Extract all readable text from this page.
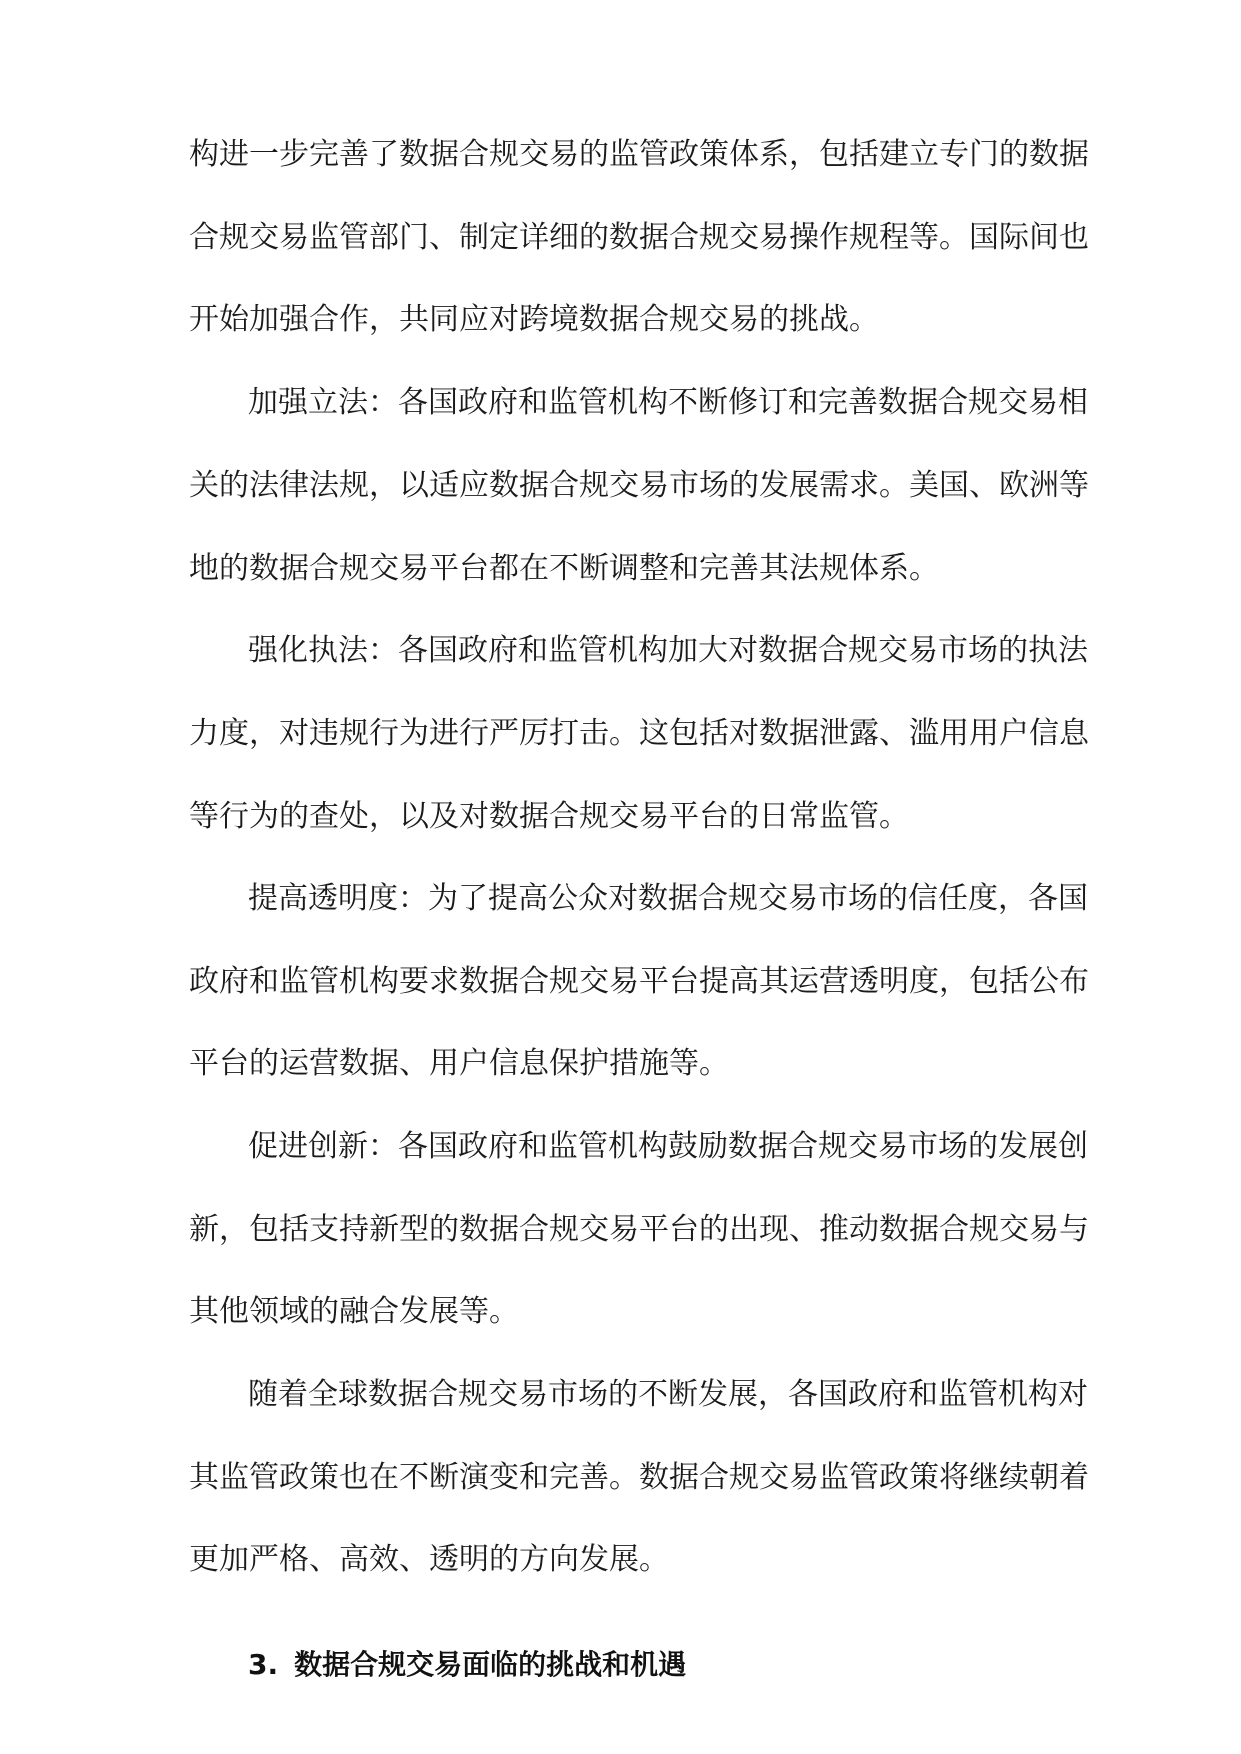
构进一步完善了数据合规交易的监管政策体系，包括建立专门的数据
合规交易监管部门、制定详细的数据合规交易操作规程等。国际间也
开始加强合作，共同应对跨境数据合规交易的挑战。
加强立法：各国政府和监管机构不断修订和完善数据合规交易相
关的法律法规，以适应数据合规交易市场的发展需求。美国、欧洲等
地的数据合规交易平台都在不断调整和完善其法规体系。
强化执法：各国政府和监管机构加大对数据合规交易市场的执法
力度，对违规行为进行严厉打击。这包括对数据泄露、滥用用户信息
等行为的查处，以及对数据合规交易平台的日常监管。
提高透明度：为了提高公众对数据合规交易市场的信任度，各国
政府和监管机构要求数据合规交易平台提高其运营透明度，包括公布
平台的运营数据、用户信息保护措施等。
促进创新：各国政府和监管机构鼓励数据合规交易市场的发展创
新，包括支持新型的数据合规交易平台的出现、推动数据合规交易与
其他领域的融合发展等。
随着全球数据合规交易市场的不断发展，各国政府和监管机构对
其监管政策也在不断演变和完善。数据合规交易监管政策将继续朝着
更加严格、高效、透明的方向发展。
3. 数据合规交易面临的挑战和机遇
